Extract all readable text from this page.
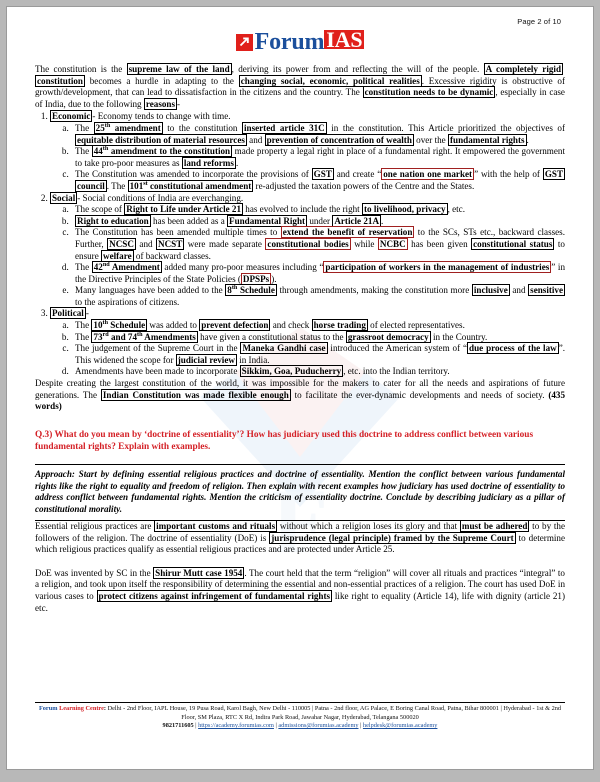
F
Page 2 of 10
ForumIAS

The constitution is the supreme law of the land , deriving its power from and reflecting the will of the people. A completely rigid constitution becomes a hurdle in adapting to the changing social, economic, political realities . Excessive rigidity is obstructive of growth/development, that can lead to dissatisfaction in the citizens and the country. The constitution needs to be dynamic , especially in case of India, due to the following reasons -

1. Economic - Economy tends to change with time.
a. The 25th amendment to the constitution inserted article 31C in the constitution. This Article prioritized the objectives of equitable distribution of material resources and prevention of concentration of wealth over the fundamental rights .
b. The 44th amendment to the constitution made property a legal right in place of a fundamental right. It empowered the government to take pro-poor measures as land reforms .
c. The Constitution was amended to incorporate the provisions of GST and create “ one nation one market ” with the help of GST council . The 101st constitutional amendment re-adjusted the taxation powers of the Centre and the States.
2. Social - Social conditions of India are everchanging.
a. The scope of Right to Life under Article 21 has evolved to include the right to livelihood, privacy , etc.
b. Right to education has been added as a Fundamental Right under Article 21A .
c. The Constitution has been amended multiple times to extend the benefit of reservation to the SCs, STs etc., backward classes. Further, NCSC and NCST were made separate constitutional bodies while NCBC has been given constitutional status to ensure welfare of backward classes.
d. The 42nd Amendment added many pro-poor measures including “ participation of workers in the management of industries ” in the Directive Principles of the State Policies ( DPSPs ).
e. Many languages have been added to the 8th Schedule through amendments, making the constitution more inclusive and sensitive to the aspirations of citizens.
3. Political -
a. The 10th Schedule was added to prevent defection and check horse trading of elected representatives.
b. The 73rd and 74th Amendments have given a constitutional status to the grassroot democracy in the Country.
c. The judgement of the Supreme Court in the Maneka Gandhi case introduced the American system of “ due process of the law ”. This widened the scope for judicial review in India.
d. Amendments have been made to incorporate Sikkim, Goa, Puducherry , etc. into the Indian territory.

Despite creating the largest constitution of the world, it was impossible for the makers to cater for all the needs and aspirations of future generations. The Indian Constitution was made flexible enough to facilitate the ever-dynamic developments and needs of society. (435 words)

Q.3) What do you mean by ‘doctrine of essentiality’? How has judiciary used this doctrine to address conflict between various fundamental rights? Explain with examples.

Approach: Start by defining essential religious practices and doctrine of essentiality. Mention the conflict between various fundamental rights like the right to equality and freedom of religion. Then explain with recent examples how judiciary has used doctrine of essentiality to address conflict between fundamental rights. Mention the criticism of essentiality doctrine. Conclude by describing judiciary as a pillar of constitutional morality.

Essential religious practices are important customs and rituals without which a religion loses its glory and that must be adhered to by the followers of the religion. The doctrine of essentiality (DoE) is jurisprudence (legal principle) framed by the Supreme Court to determine which religious practices qualify as essential religious practices and are protected under Article 25.

DoE was invented by SC in the Shirur Mutt case 1954 . The court held that the term “religion” will cover all rituals and practices “integral” to a religion, and took upon itself the responsibility of determining the essential and non-essential practices of a religion. The court has used DoE in various cases to protect citizens against infringement of fundamental rights like right to equality (Article 14), life with dignity (article 21) etc.

Forum Learning Centre: Delhi - 2nd Floor, IAPL House, 19 Pusa Road, Karol Bagh, New Delhi - 110005 | Patna - 2nd floor, AG Palace, E Boring Canal Road, Patna, Bihar 800001 | Hyderabad - 1st & 2nd Floor, SM Plaza, RTC X Rd, Indira Park Road, Jawahar Nagar, Hyderabad, Telangana 500020
9821711605 | https://academy.forumias.com | admissions@forumias.academy | helpdesk@forumias.academy
